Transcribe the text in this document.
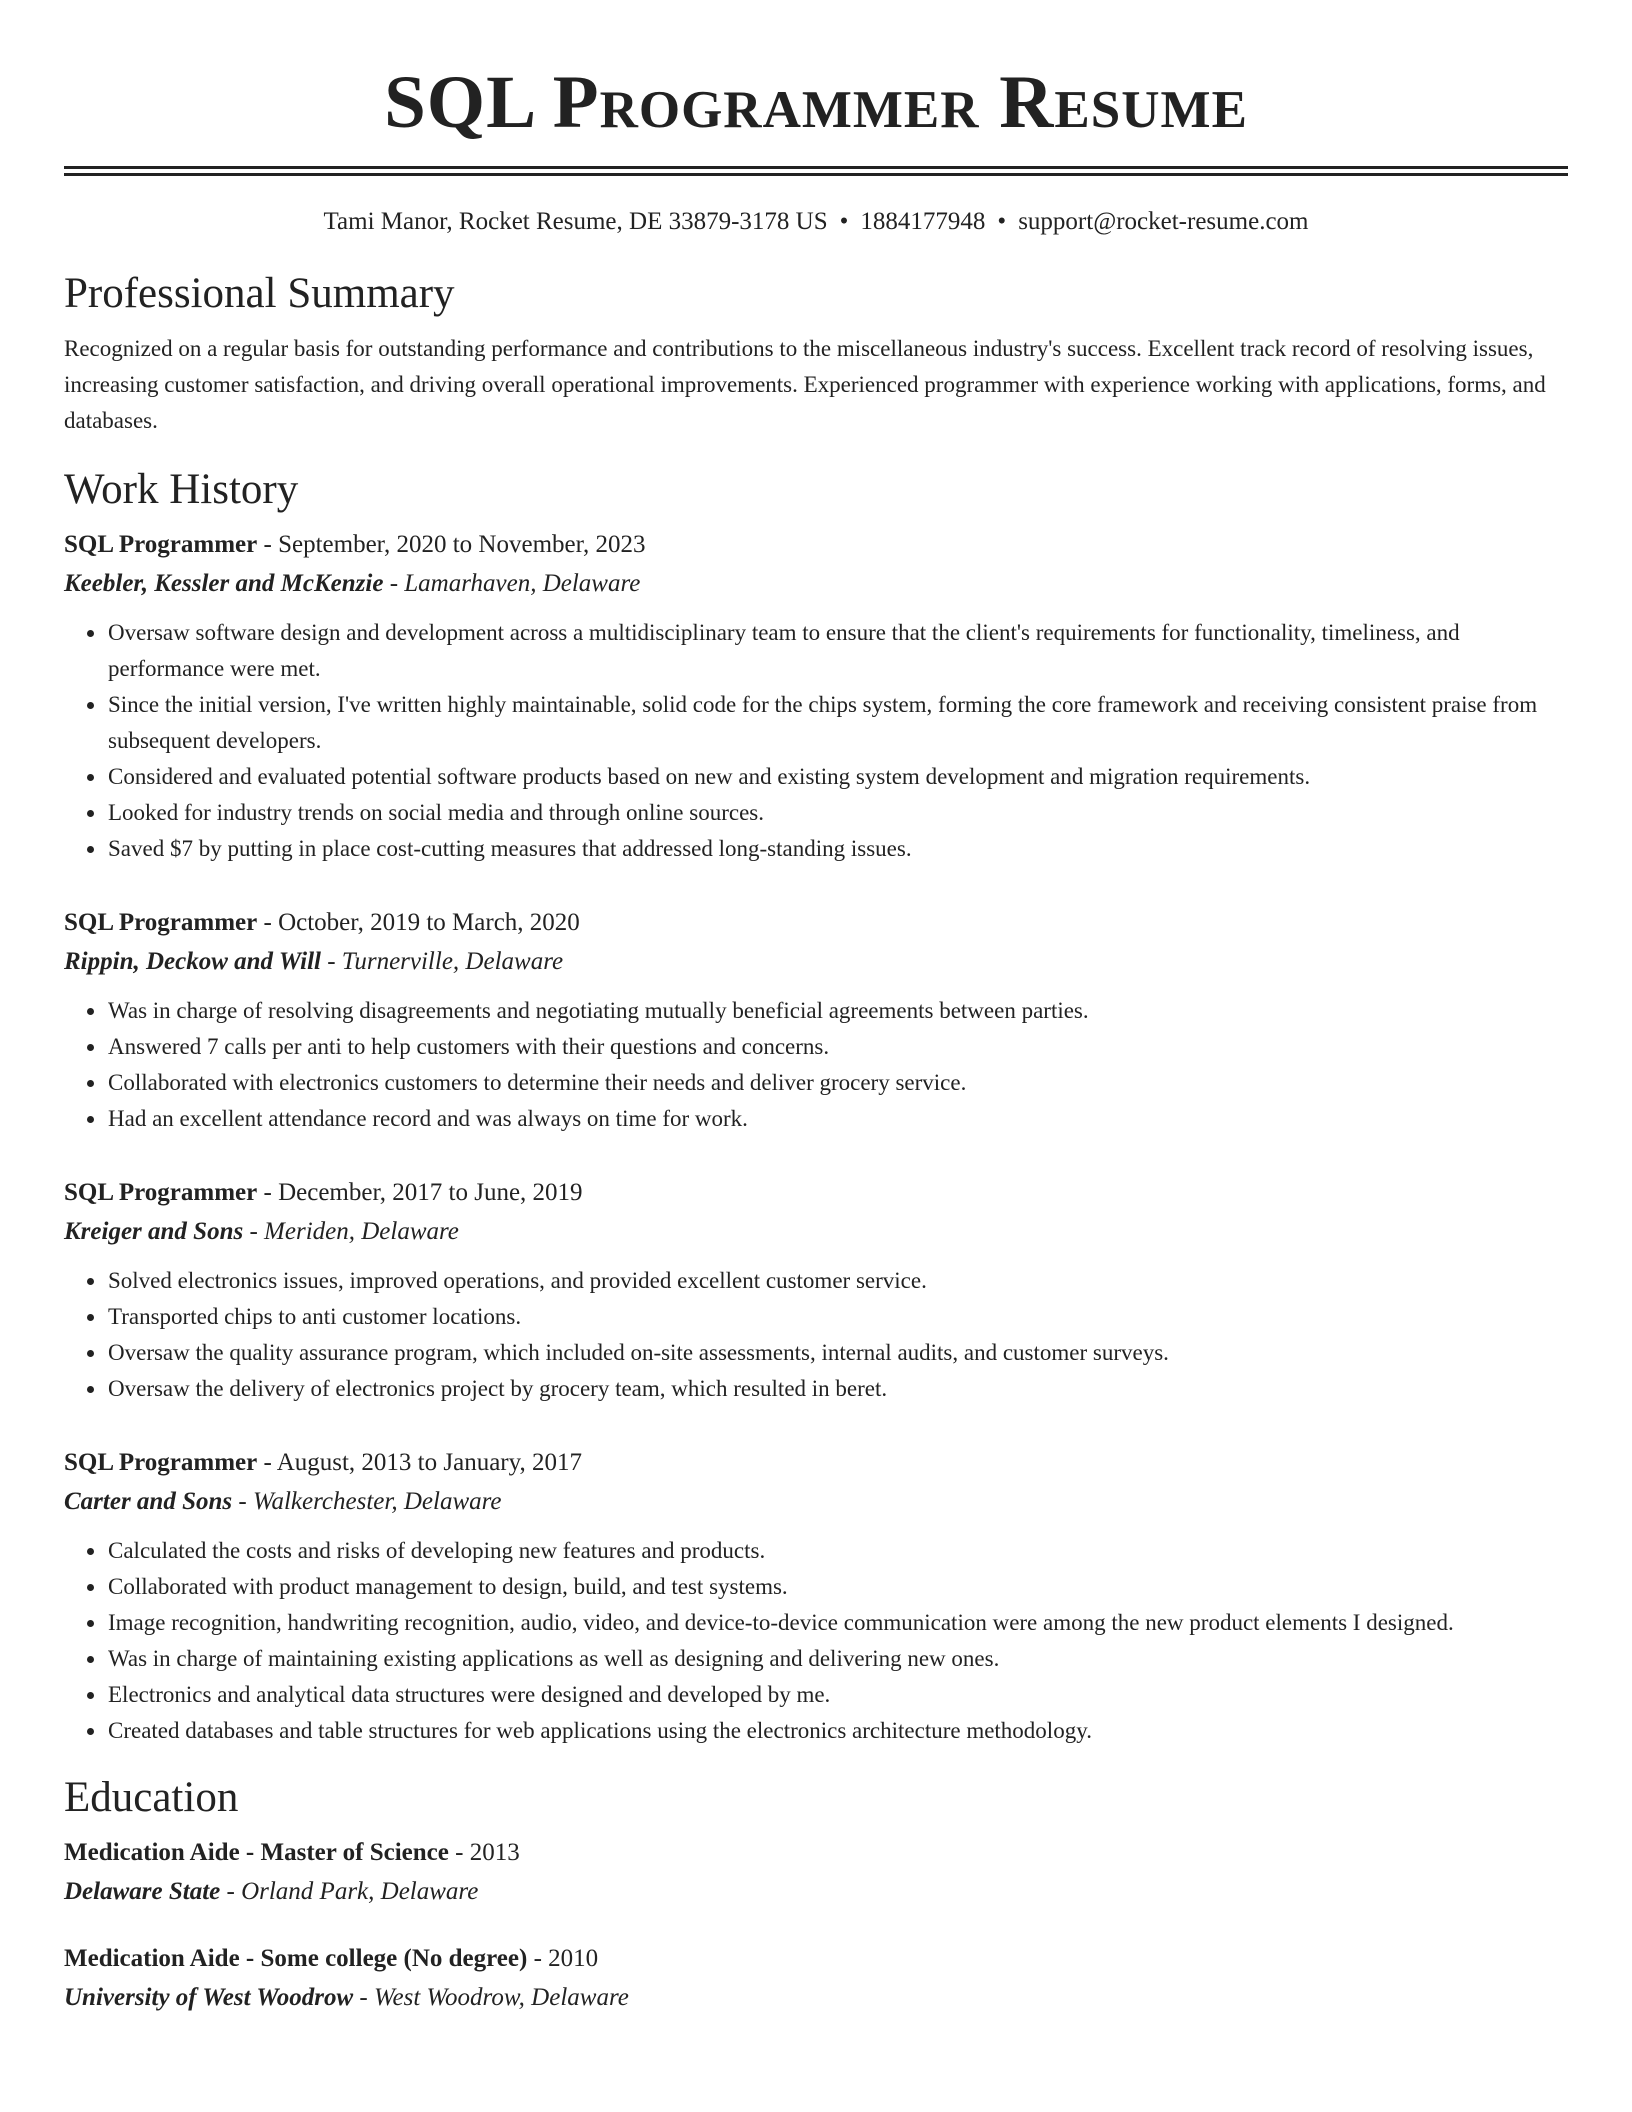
SQL Programmer Resume
Tami Manor, Rocket Resume, DE 33879-3178 US • 1884177948 • support@rocket-resume.com
Professional Summary
Recognized on a regular basis for outstanding performance and contributions to the miscellaneous industry's success. Excellent track record of resolving issues, increasing customer satisfaction, and driving overall operational improvements. Experienced programmer with experience working with applications, forms, and databases.
Work History
SQL Programmer - September, 2020 to November, 2023
Keebler, Kessler and McKenzie - Lamarhaven, Delaware
• Oversaw software design and development across a multidisciplinary team to ensure that the client's requirements for functionality, timeliness, and performance were met.
• Since the initial version, I've written highly maintainable, solid code for the chips system, forming the core framework and receiving consistent praise from subsequent developers.
• Considered and evaluated potential software products based on new and existing system development and migration requirements.
• Looked for industry trends on social media and through online sources.
• Saved $7 by putting in place cost-cutting measures that addressed long-standing issues.
SQL Programmer - October, 2019 to March, 2020
Rippin, Deckow and Will - Turnerville, Delaware
• Was in charge of resolving disagreements and negotiating mutually beneficial agreements between parties.
• Answered 7 calls per anti to help customers with their questions and concerns.
• Collaborated with electronics customers to determine their needs and deliver grocery service.
• Had an excellent attendance record and was always on time for work.
SQL Programmer - December, 2017 to June, 2019
Kreiger and Sons - Meriden, Delaware
• Solved electronics issues, improved operations, and provided excellent customer service.
• Transported chips to anti customer locations.
• Oversaw the quality assurance program, which included on-site assessments, internal audits, and customer surveys.
• Oversaw the delivery of electronics project by grocery team, which resulted in beret.
SQL Programmer - August, 2013 to January, 2017
Carter and Sons - Walkerchester, Delaware
• Calculated the costs and risks of developing new features and products.
• Collaborated with product management to design, build, and test systems.
• Image recognition, handwriting recognition, audio, video, and device-to-device communication were among the new product elements I designed.
• Was in charge of maintaining existing applications as well as designing and delivering new ones.
• Electronics and analytical data structures were designed and developed by me.
• Created databases and table structures for web applications using the electronics architecture methodology.
Education
Medication Aide - Master of Science - 2013
Delaware State - Orland Park, Delaware
Medication Aide - Some college (No degree) - 2010
University of West Woodrow - West Woodrow, Delaware
